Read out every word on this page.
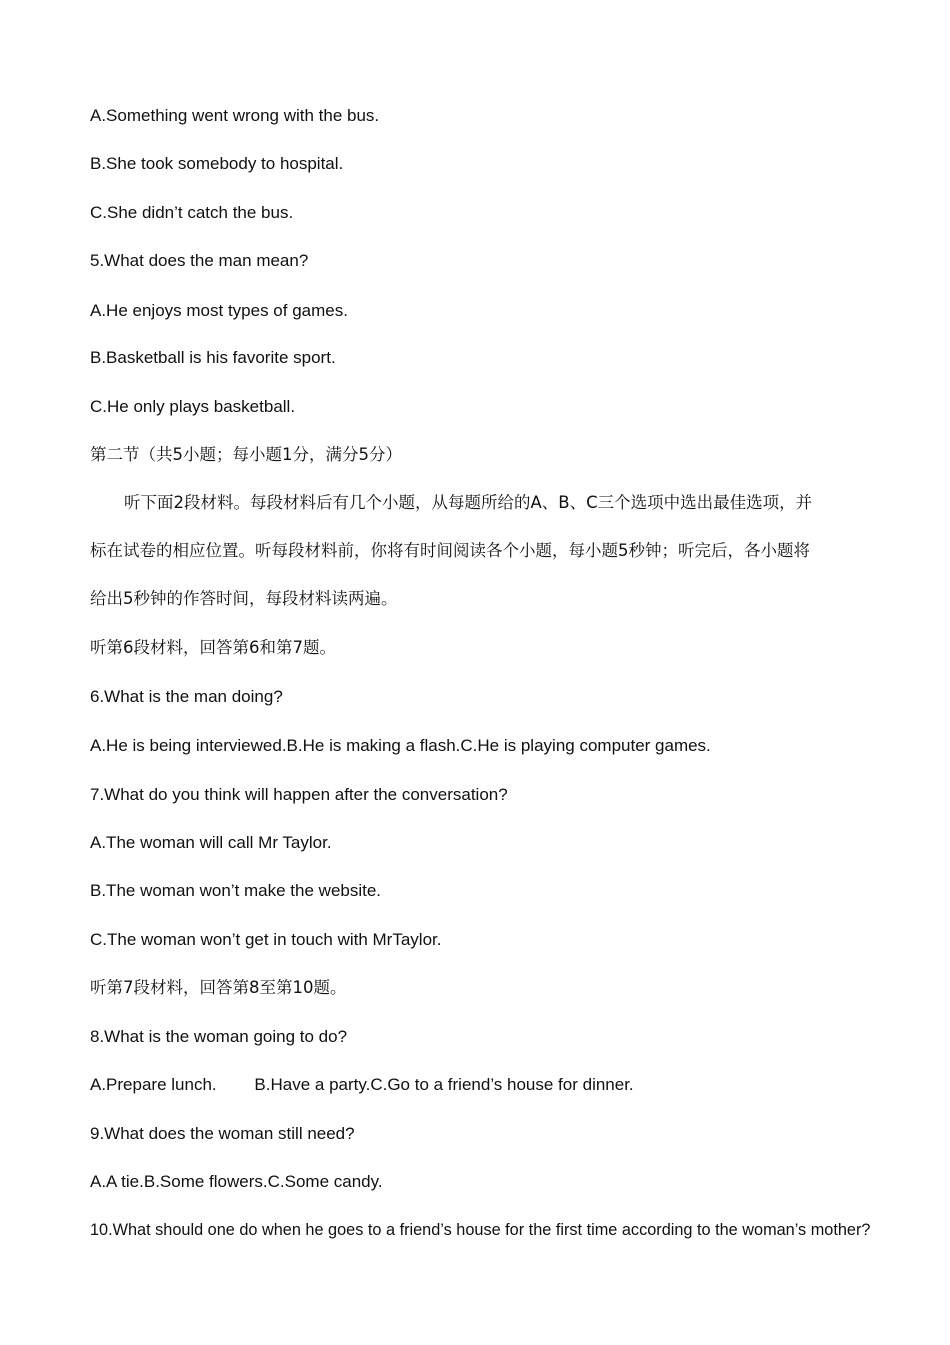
A.Something went wrong with the bus.
B.She took somebody to hospital.
C.She didn’t catch the bus.
5.What does the man mean?
A.He enjoys most types of games.
B.Basketball is his favorite sport.
C.He only plays basketball.
第二节（共5小题；每小题1分，满分5分）
听下面2段材料。每段材料后有几个小题，从每题所给的A、B、C三个选项中选出最佳选项，并
标在试卷的相应位置。听每段材料前，你将有时间阅读各个小题，每小题5秒钟；听完后，各小题将
给出5秒钟的作答时间，每段材料读两遍。
听第6段材料，回答第6和第7题。
6.What is the man doing?
A.He is being interviewed.B.He is making a flash.C.He is playing computer games.
7.What do you think will happen after the conversation?
A.The woman will call Mr Taylor.
B.The woman won’t make the website.
C.The woman won’t get in touch with MrTaylor.
听第7段材料，回答第8至第10题。
8.What is the woman going to do?
A.Prepare lunch.        B.Have a party.C.Go to a friend’s house for dinner.
9.What does the woman still need?
A.A tie.B.Some flowers.C.Some candy.
10.What should one do when he goes to a friend’s house for the first time according to the woman’s mother?
